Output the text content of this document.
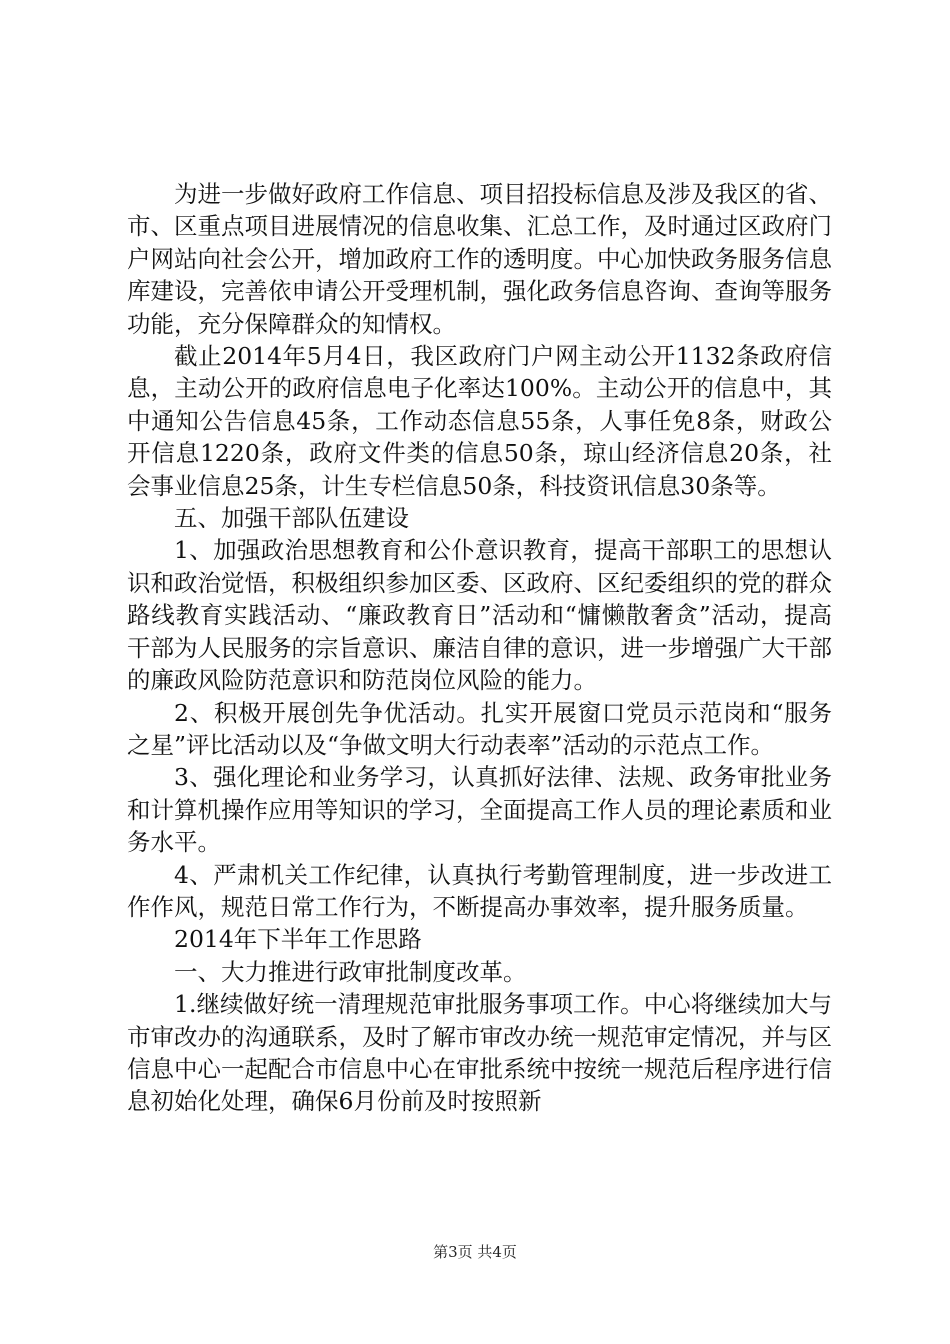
为进一步做好政府工作信息、项目招投标信息及涉及我区的省、市、区重点项目进展情况的信息收集、汇总工作，及时通过区政府门户网站向社会公开，增加政府工作的透明度。中心加快政务服务信息库建设，完善依申请公开受理机制，强化政务信息咨询、查询等服务功能，充分保障群众的知情权。

截止2014年5月4日，我区政府门户网主动公开1132条政府信息，主动公开的政府信息电子化率达100%。主动公开的信息中，其中通知公告信息45条，工作动态信息55条，人事任免8条，财政公开信息1220条，政府文件类的信息50条，琼山经济信息20条，社会事业信息25条，计生专栏信息50条，科技资讯信息30条等。

五、加强干部队伍建设

1、加强政治思想教育和公仆意识教育，提高干部职工的思想认识和政治觉悟，积极组织参加区委、区政府、区纪委组织的党的群众路线教育实践活动、“廉政教育日”活动和“慵懒散奢贪”活动，提高干部为人民服务的宗旨意识、廉洁自律的意识，进一步增强广大干部的廉政风险防范意识和防范岗位风险的能力。

2、积极开展创先争优活动。扎实开展窗口党员示范岗和“服务之星”评比活动以及“争做文明大行动表率”活动的示范点工作。

3、强化理论和业务学习，认真抓好法律、法规、政务审批业务和计算机操作应用等知识的学习，全面提高工作人员的理论素质和业务水平。

4、严肃机关工作纪律，认真执行考勤管理制度，进一步改进工作作风，规范日常工作行为，不断提高办事效率，提升服务质量。

2014年下半年工作思路

一、大力推进行政审批制度改革。

1.继续做好统一清理规范审批服务事项工作。中心将继续加大与市审改办的沟通联系，及时了解市审改办统一规范审定情况，并与区信息中心一起配合市信息中心在审批系统中按统一规范后程序进行信息初始化处理，确保6月份前及时按照新

第3页 共4页
